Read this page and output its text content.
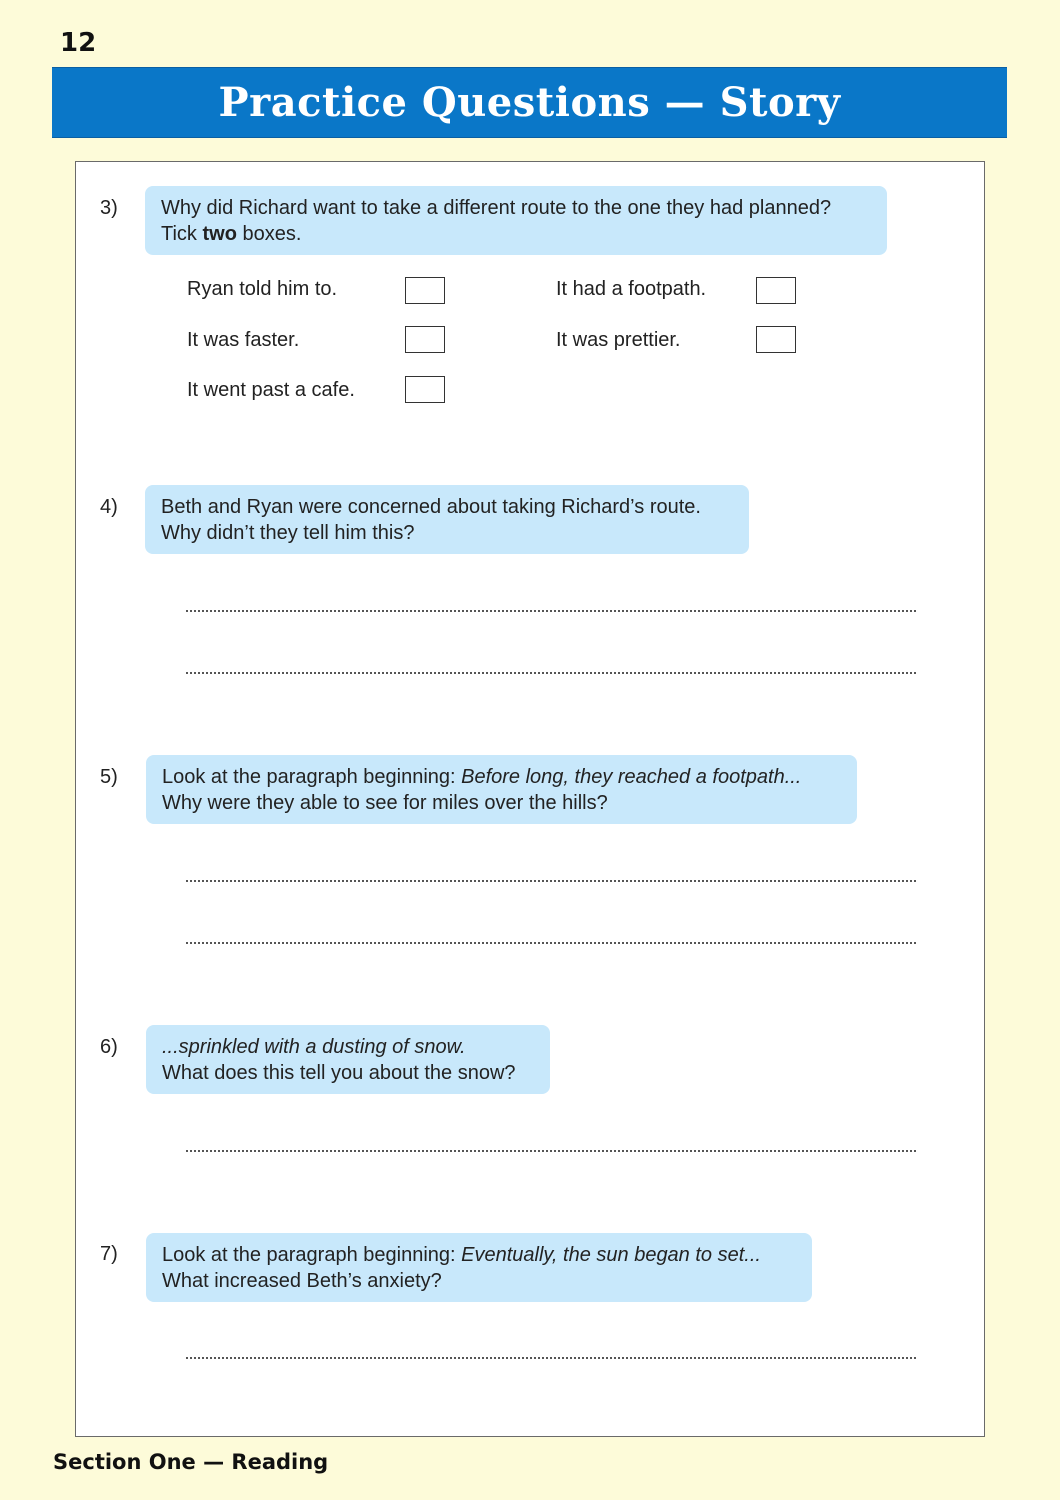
12
Practice Questions — Story
3) Why did Richard want to take a different route to the one they had planned?
Tick two boxes.
Ryan told him to.
It was faster.
It went past a cafe.
It had a footpath.
It was prettier.
4) Beth and Ryan were concerned about taking Richard’s route.
Why didn’t they tell him this?
5) Look at the paragraph beginning: Before long, they reached a footpath...
Why were they able to see for miles over the hills?
6) ...sprinkled with a dusting of snow.
What does this tell you about the snow?
7) Look at the paragraph beginning: Eventually, the sun began to set...
What increased Beth’s anxiety?
Section One — Reading
